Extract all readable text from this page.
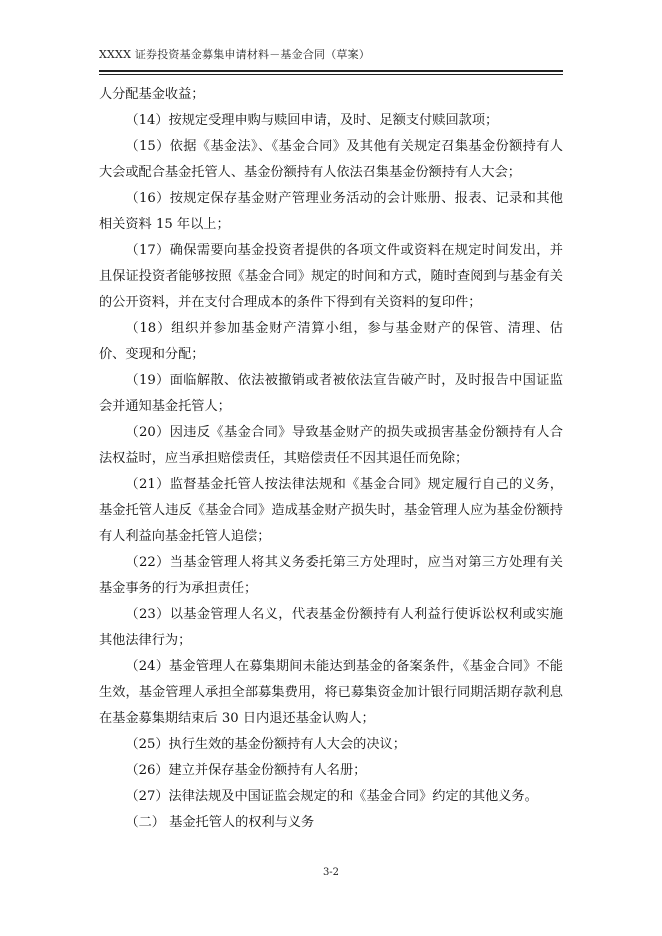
XXXX 证券投资基金募集申请材料－基金合同（草案）

人分配基金收益；

（14）按规定受理申购与赎回申请，及时、足额支付赎回款项；

（15）依据《基金法》、《基金合同》及其他有关规定召集基金份额持有人大会或配合基金托管人、基金份额持有人依法召集基金份额持有人大会；

（16）按规定保存基金财产管理业务活动的会计账册、报表、记录和其他相关资料 15 年以上；

（17）确保需要向基金投资者提供的各项文件或资料在规定时间发出，并且保证投资者能够按照《基金合同》规定的时间和方式，随时查阅到与基金有关的公开资料，并在支付合理成本的条件下得到有关资料的复印件；

（18）组织并参加基金财产清算小组，参与基金财产的保管、清理、估价、变现和分配；

（19）面临解散、依法被撤销或者被依法宣告破产时，及时报告中国证监会并通知基金托管人；

（20）因违反《基金合同》导致基金财产的损失或损害基金份额持有人合法权益时，应当承担赔偿责任，其赔偿责任不因其退任而免除；

（21）监督基金托管人按法律法规和《基金合同》规定履行自己的义务，基金托管人违反《基金合同》造成基金财产损失时，基金管理人应为基金份额持有人利益向基金托管人追偿；

（22）当基金管理人将其义务委托第三方处理时，应当对第三方处理有关基金事务的行为承担责任；

（23）以基金管理人名义，代表基金份额持有人利益行使诉讼权利或实施其他法律行为；

（24）基金管理人在募集期间未能达到基金的备案条件，《基金合同》不能生效，基金管理人承担全部募集费用，将已募集资金加计银行同期活期存款利息在基金募集期结束后 30 日内退还基金认购人；

（25）执行生效的基金份额持有人大会的决议；

（26）建立并保存基金份额持有人名册；

（27）法律法规及中国证监会规定的和《基金合同》约定的其他义务。

（二） 基金托管人的权利与义务

3-2
